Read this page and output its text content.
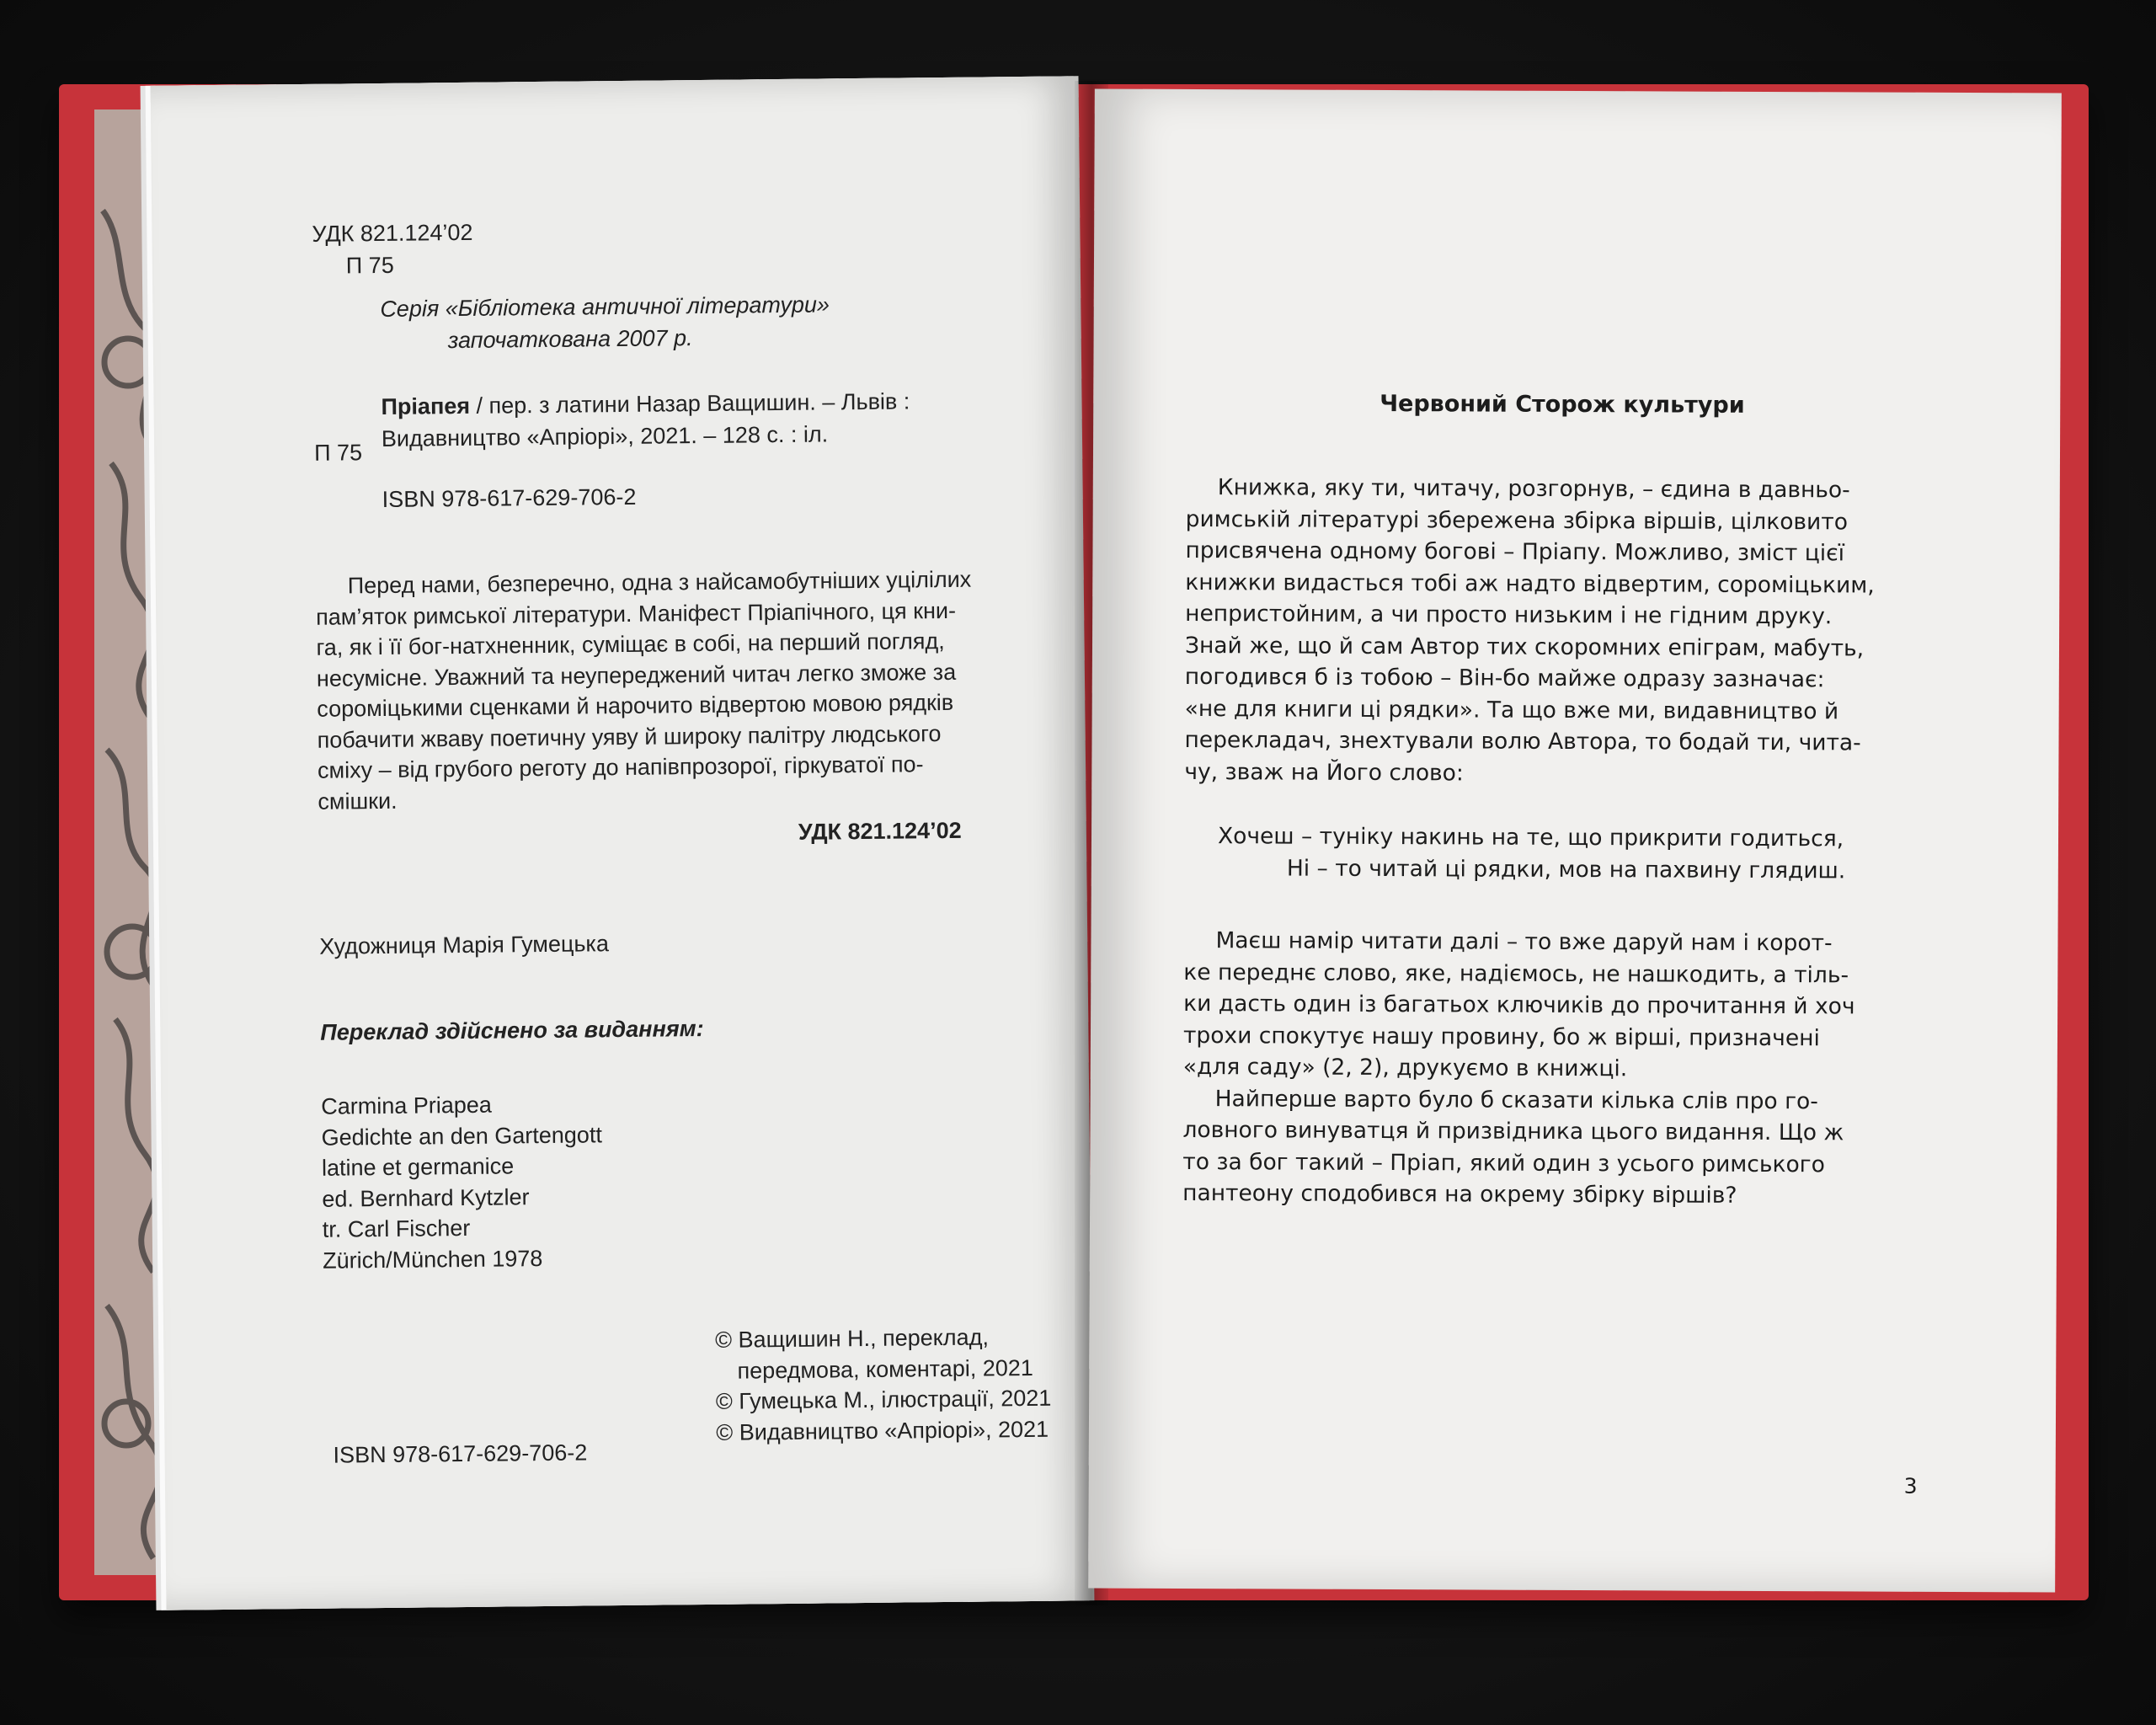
УДК 821.124’02
П 75
Серія «Бібліотека античної літератури»
започаткована 2007 р.
Пріапея / пер. з латини Назар Ващишин. – Львів :
П 75
Видавництво «Апріорі», 2021. – 128 с. : іл.
ISBN 978-617-629-706-2
Перед нами, безперечно, одна з найсамобутніших уцілілих
пам’яток римської літератури. Маніфест Пріапічного, ця кни-
га, як і її бог-натхненник, суміщає в собі, на перший погляд,
несумісне. Уважний та неупереджений читач легко зможе за
сороміцькими сценками й нарочито відвертою мовою рядків
побачити жваву поетичну уяву й широку палітру людського
сміху – від грубого реготу до напівпрозорої, гіркуватої по-
смішки.
УДК 821.124’02
Художниця Марія Гумецька
Переклад здійснено за виданням:
Carmina Priapea
Gedichte an den Gartengott
latine et germanice
ed. Bernhard Kytzler
tr. Carl Fischer
Zürich/München 1978
© Ващишин Н., переклад,
передмова, коментарі, 2021
© Гумецька М., ілюстрації, 2021
© Видавництво «Апріорі», 2021
ISBN 978-617-629-706-2
Червоний Сторож культури
Книжка, яку ти, читачу, розгорнув, – єдина в давньо-
римській літературі збережена збірка віршів, цілковито
присвячена одному богові – Пріапу. Можливо, зміст цієї
книжки видасться тобі аж надто відвертим, сороміцьким,
непристойним, а чи просто низьким і не гідним друку.
Знай же, що й сам Автор тих скоромних епіграм, мабуть,
погодився б із тобою – Він-бо майже одразу зазначає:
«не для книги ці рядки». Та що вже ми, видавництво й
перекладач, знехтували волю Автора, то бодай ти, чита-
чу, зваж на Його слово:
Хочеш – туніку накинь на те, що прикрити годиться,
Ні – то читай ці рядки, мов на пахвину глядиш.
Маєш намір читати далі – то вже даруй нам і корот-
ке переднє слово, яке, надіємось, не нашкодить, а тіль-
ки дасть один із багатьох ключиків до прочитання й хоч
трохи спокутує нашу провину, бо ж вірші, призначені
«для саду» (2, 2), друкуємо в книжці.
Найперше варто було б сказати кілька слів про го-
ловного винуватця й призвідника цього видання. Що ж
то за бог такий – Пріап, який один з усього римського
пантеону сподобився на окрему збірку віршів?
3
